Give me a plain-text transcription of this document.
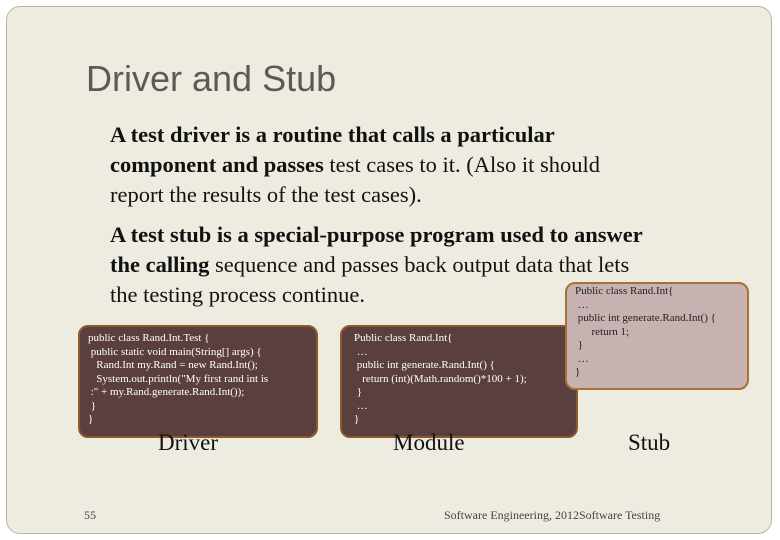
Driver and Stub
A test driver is a routine that calls a particular
component and passes test cases to it. (Also it should
report the results of the test cases).
A test stub is a special-purpose program used to answer
the calling sequence and passes back output data that lets
the testing process continue.
public class Rand.Int.Test {
public static void main(String[] args) {
Rand.Int my.Rand = new Rand.Int();
System.out.println("My first rand int is
:" + my.Rand.generate.Rand.Int());
}
}
Public class Rand.Int{
…
public int generate.Rand.Int() {
return (int)(Math.random()*100 + 1);
}
…
}
Public class Rand.Int{
…
public int generate.Rand.Int() {
return 1;
}
…
}
Driver	Module	Stub
55	Software Engineering, 2012Software Testing
